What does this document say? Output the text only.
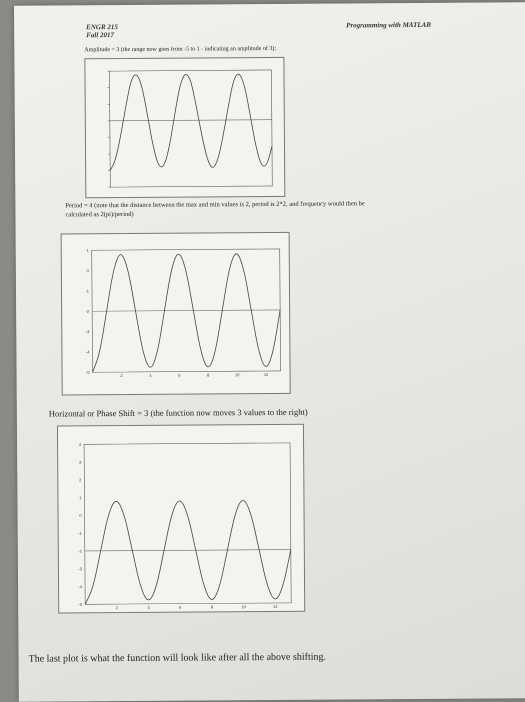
ENGR 215
Fall 2017
Programming with MATLAB
Amplitude = 3 (the range now goes from -5 to 1 - indicating an amplitude of 3);
Period = 4 (note that the distance between the max and min values is 2, period is 2*2, and frequency would then be
calculated as 2(pi)/period)
1
0
-1
-2
-3
-4
-5
2	4	6	8	10	12
Horizontal or Phase Shift = 3 (the function now moves 3 values to the right)
4
3
2
1
0
-1
-2
-3
-4
-5
2	4	6	8	10	12
The last plot is what the function will look like after all the above shifting.
